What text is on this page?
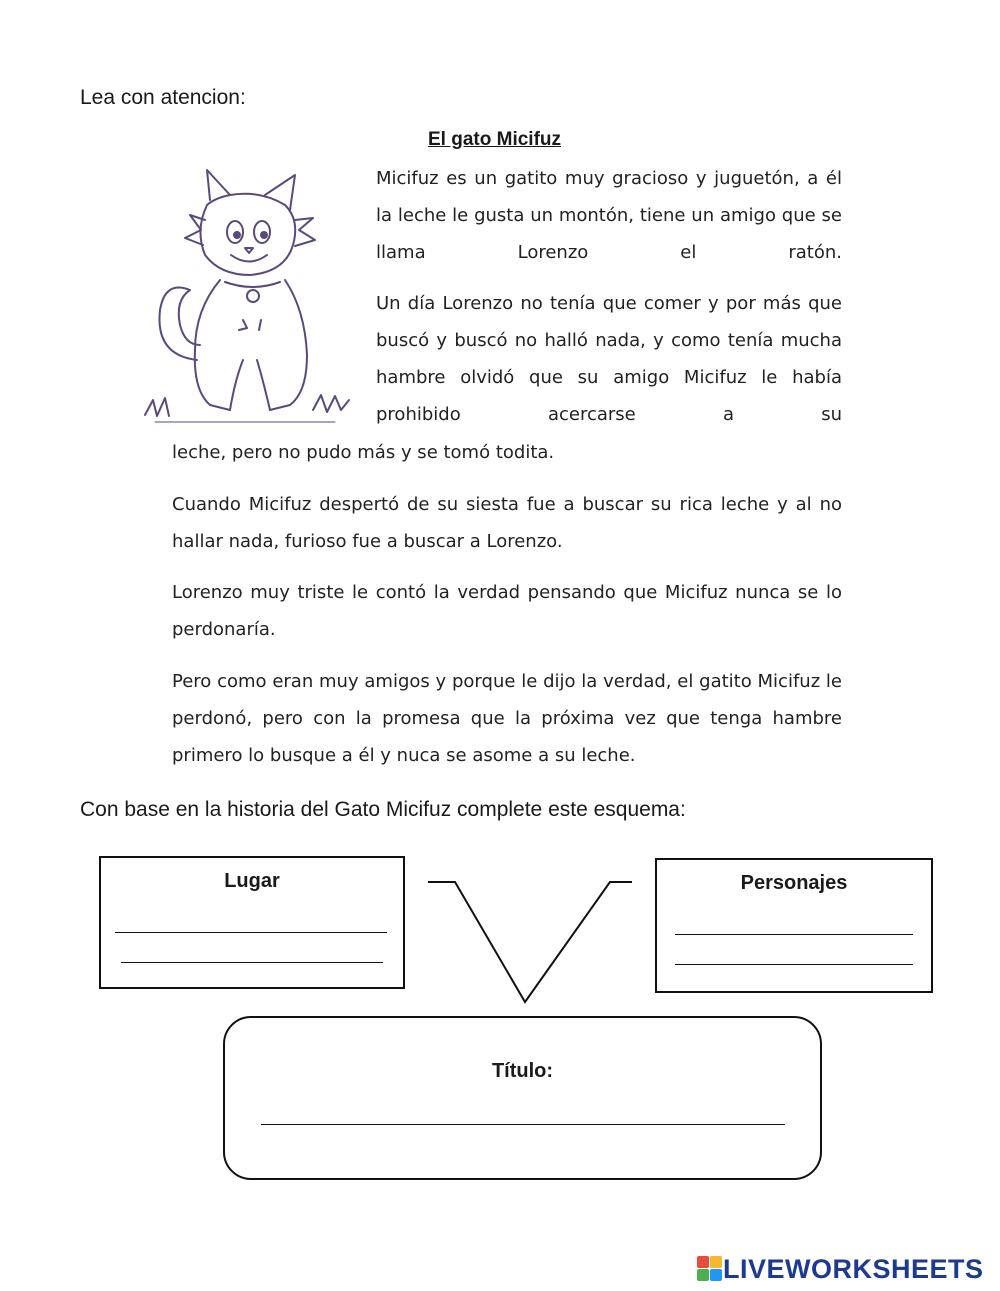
Lea con atencion:
El gato Micifuz
Micifuz es un gatito muy gracioso y juguetón, a él la leche le gusta un montón, tiene un amigo que se llama Lorenzo el ratón.
Un día Lorenzo no tenía que comer y por más que buscó y buscó no halló nada, y como tenía mucha hambre olvidó que su amigo Micifuz le había prohibido acercarse a su
leche, pero no pudo más y se tomó todita.
Cuando Micifuz despertó de su siesta fue a buscar su rica leche y al no hallar nada, furioso fue a buscar a Lorenzo.
Lorenzo muy triste le contó la verdad pensando que Micifuz nunca se lo perdonaría.
Pero como eran muy amigos y porque le dijo la verdad, el gatito Micifuz le perdonó, pero con la promesa que la próxima vez que tenga hambre primero lo busque a él y nuca se asome a su leche.
Con base en la historia del Gato Micifuz complete este esquema:
Lugar	Personajes
Título:
LIVEWORKSHEETS
